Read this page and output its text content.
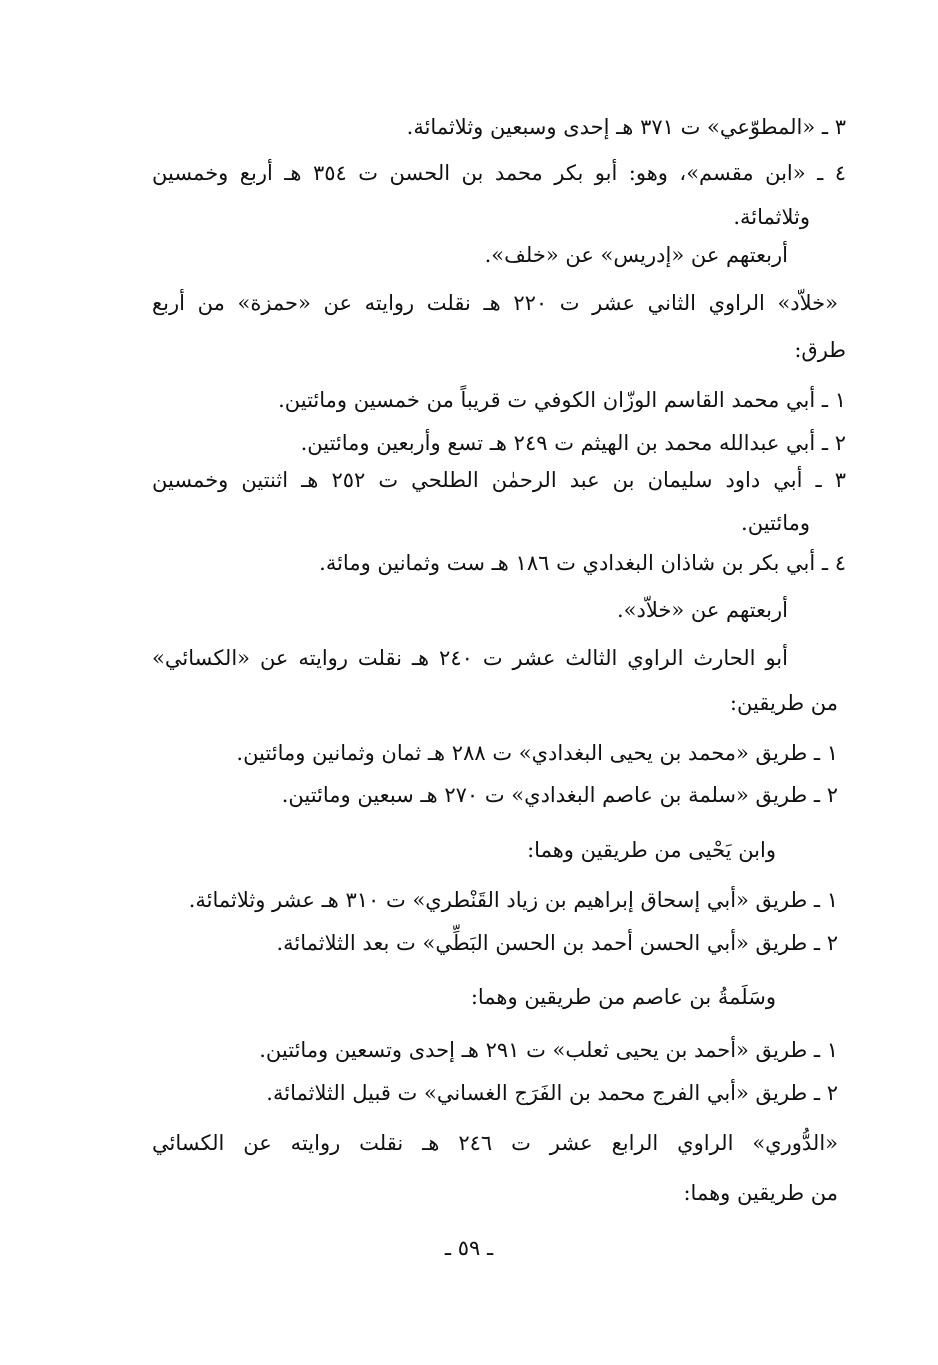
٣ ـ «المطوّعي» ت ٣٧١ هـ إحدى وسبعين وثلاثمائة.
٤ ـ «ابن مقسم»، وهو: أبو بكر محمد بن الحسن ت ٣٥٤ هـ أربع وخمسين
وثلاثمائة.
أربعتهم عن «إدريس» عن «خلف».
«خلاّد» الراوي الثاني عشر ت ٢٢٠ هـ نقلت روايته عن «حمزة» من أربع
طرق:
١ ـ أبي محمد القاسم الوزّان الكوفي ت قريباً من خمسين ومائتين.
٢ ـ أبي عبدالله محمد بن الهيثم ت ٢٤٩ هـ تسع وأربعين ومائتين.
٣ ـ أبي داود سليمان بن عبد الرحمٰن الطلحي ت ٢٥٢ هـ اثنتين وخمسين
ومائتين.
٤ ـ أبي بكر بن شاذان البغدادي ت ١٨٦ هـ ست وثمانين ومائة.
أربعتهم عن «خلاّد».
أبو الحارث الراوي الثالث عشر ت ٢٤٠ هـ نقلت روايته عن «الكسائي»
من طريقين:
١ ـ طريق «محمد بن يحيى البغدادي» ت ٢٨٨ هـ ثمان وثمانين ومائتين.
٢ ـ طريق «سلمة بن عاصم البغدادي» ت ٢٧٠ هـ سبعين ومائتين.
وابن يَحْيى من طريقين وهما:
١ ـ طريق «أبي إسحاق إبراهيم بن زياد القَنْطري» ت ٣١٠ هـ عشر وثلاثمائة.
٢ ـ طريق «أبي الحسن أحمد بن الحسن البَطِّي» ت بعد الثلاثمائة.
وسَلَمةُ بن عاصم من طريقين وهما:
١ ـ طريق «أحمد بن يحيى ثعلب» ت ٢٩١ هـ إحدى وتسعين ومائتين.
٢ ـ طريق «أبي الفرج محمد بن الفَرَج الغساني» ت قبيل الثلاثمائة.
«الدُّوري» الراوي الرابع عشر ت ٢٤٦ هـ نقلت روايته عن الكسائي
من طريقين وهما:
ـ ٥٩ ـ
